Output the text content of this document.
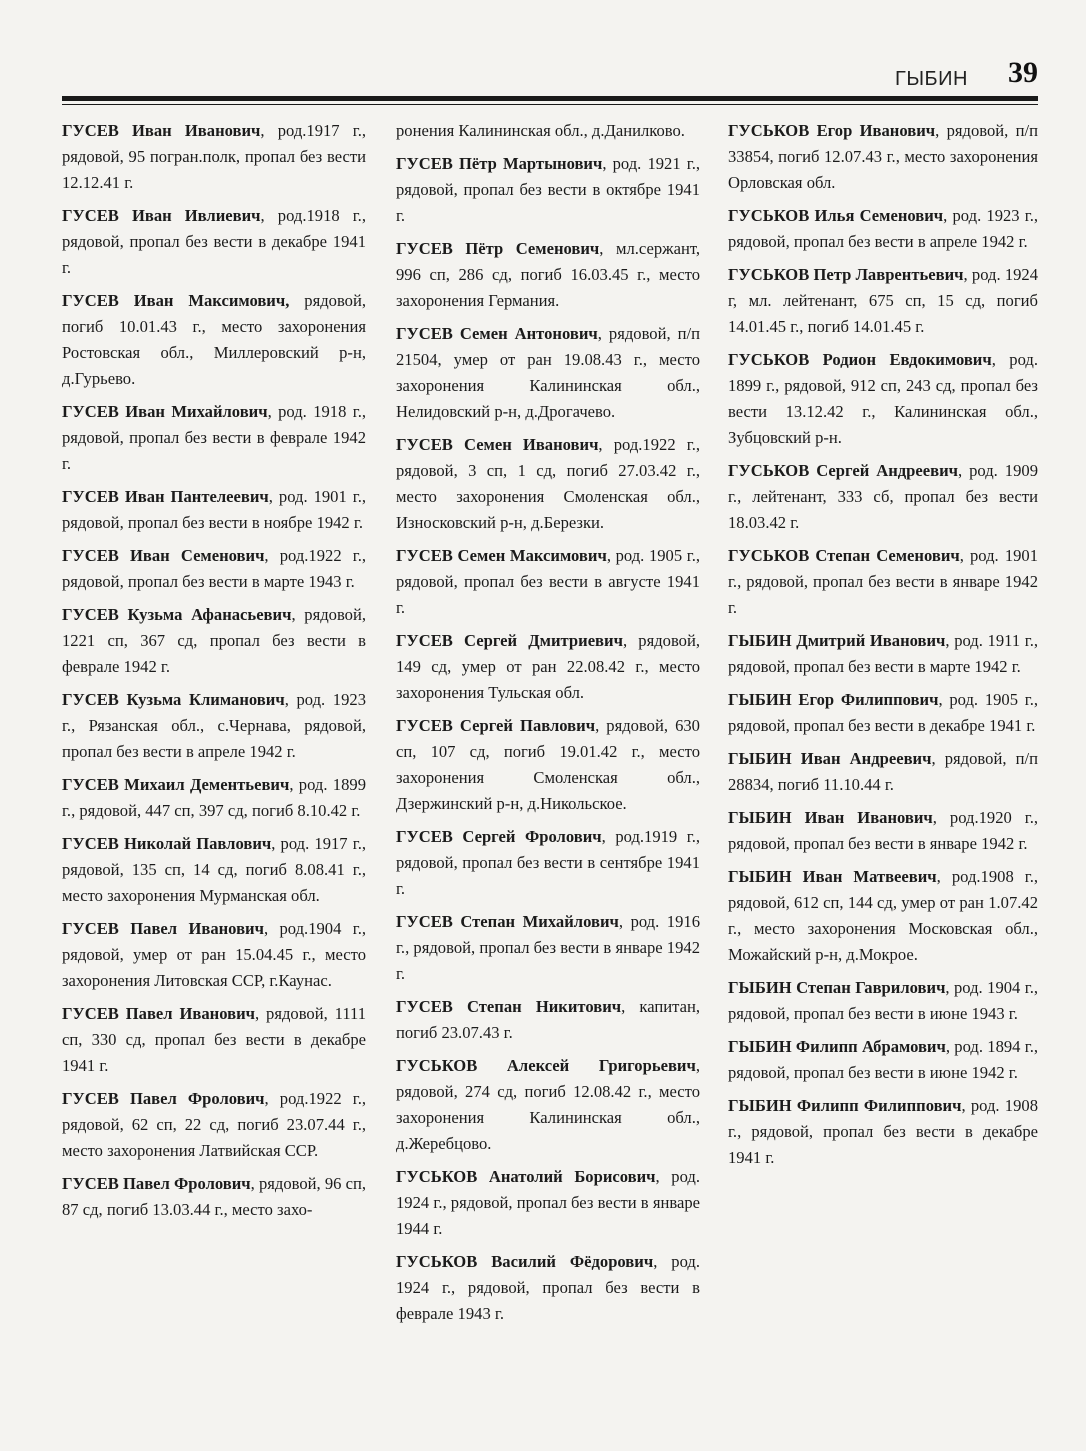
ГЫБИН 39

ГУСЕВ Иван Иванович, род.1917 г., рядовой, 95 погран.полк, пропал без вести 12.12.41 г.

ГУСЕВ Иван Ивлиевич, род.1918 г., рядовой, пропал без вести в декабре 1941 г.

ГУСЕВ Иван Максимович, рядовой, погиб 10.01.43 г., место захоронения Ростовская обл., Миллеровский р-н, д.Гурьево.

ГУСЕВ Иван Михайлович, род. 1918 г., рядовой, пропал без вести в феврале 1942 г.

ГУСЕВ Иван Пантелеевич, род. 1901 г., рядовой, пропал без вести в ноябре 1942 г.

ГУСЕВ Иван Семенович, род.1922 г., рядовой, пропал без вести в марте 1943 г.

ГУСЕВ Кузьма Афанасьевич, рядовой, 1221 сп, 367 сд, пропал без вести в феврале 1942 г.

ГУСЕВ Кузьма Климанович, род. 1923 г., Рязанская обл., с.Чернава, рядовой, пропал без вести в апреле 1942 г.

ГУСЕВ Михаил Дементьевич, род. 1899 г., рядовой, 447 сп, 397 сд, погиб 8.10.42 г.

ГУСЕВ Николай Павлович, род. 1917 г., рядовой, 135 сп, 14 сд, погиб 8.08.41 г., место захоронения Мурманская обл.

ГУСЕВ Павел Иванович, род.1904 г., рядовой, умер от ран 15.04.45 г., место захоронения Литовская ССР, г.Каунас.

ГУСЕВ Павел Иванович, рядовой, 1111 сп, 330 сд, пропал без вести в декабре 1941 г.

ГУСЕВ Павел Фролович, род.1922 г., рядовой, 62 сп, 22 сд, погиб 23.07.44 г., место захоронения Латвийская ССР.

ГУСЕВ Павел Фролович, рядовой, 96 сп, 87 сд, погиб 13.03.44 г., место захо-

ронения Калининская обл., д.Данилково.

ГУСЕВ Пётр Мартынович, род. 1921 г., рядовой, пропал без вести в октябре 1941 г.

ГУСЕВ Пётр Семенович, мл.сержант, 996 сп, 286 сд, погиб 16.03.45 г., место захоронения Германия.

ГУСЕВ Семен Антонович, рядовой, п/п 21504, умер от ран 19.08.43 г., место захоронения Калининская обл., Нелидовский р-н, д.Дрогачево.

ГУСЕВ Семен Иванович, род.1922 г., рядовой, 3 сп, 1 сд, погиб 27.03.42 г., место захоронения Смоленская обл., Износковский р-н, д.Березки.

ГУСЕВ Семен Максимович, род. 1905 г., рядовой, пропал без вести в августе 1941 г.

ГУСЕВ Сергей Дмитриевич, рядовой, 149 сд, умер от ран 22.08.42 г., место захоронения Тульская обл.

ГУСЕВ Сергей Павлович, рядовой, 630 сп, 107 сд, погиб 19.01.42 г., место захоронения Смоленская обл., Дзержинский р-н, д.Никольское.

ГУСЕВ Сергей Фролович, род.1919 г., рядовой, пропал без вести в сентябре 1941 г.

ГУСЕВ Степан Михайлович, род. 1916 г., рядовой, пропал без вести в январе 1942 г.

ГУСЕВ Степан Никитович, капитан, погиб 23.07.43 г.

ГУСЬКОВ Алексей Григорьевич, рядовой, 274 сд, погиб 12.08.42 г., место захоронения Калининская обл., д.Жеребцово.

ГУСЬКОВ Анатолий Борисович, род. 1924 г., рядовой, пропал без вести в январе 1944 г.

ГУСЬКОВ Василий Фёдорович, род. 1924 г., рядовой, пропал без вести в феврале 1943 г.

ГУСЬКОВ Егор Иванович, рядовой, п/п 33854, погиб 12.07.43 г., место захоронения Орловская обл.

ГУСЬКОВ Илья Семенович, род. 1923 г., рядовой, пропал без вести в апреле 1942 г.

ГУСЬКОВ Петр Лаврентьевич, род. 1924 г, мл. лейтенант, 675 сп, 15 сд, погиб 14.01.45 г., погиб 14.01.45 г.

ГУСЬКОВ Родион Евдокимович, род. 1899 г., рядовой, 912 сп, 243 сд, пропал без вести 13.12.42 г., Калининская обл., Зубцовский р-н.

ГУСЬКОВ Сергей Андреевич, род. 1909 г., лейтенант, 333 сб, пропал без вести 18.03.42 г.

ГУСЬКОВ Степан Семенович, род. 1901 г., рядовой, пропал без вести в январе 1942 г.

ГЫБИН Дмитрий Иванович, род. 1911 г., рядовой, пропал без вести в марте 1942 г.

ГЫБИН Егор Филиппович, род. 1905 г., рядовой, пропал без вести в декабре 1941 г.

ГЫБИН Иван Андреевич, рядовой, п/п 28834, погиб 11.10.44 г.

ГЫБИН Иван Иванович, род.1920 г., рядовой, пропал без вести в январе 1942 г.

ГЫБИН Иван Матвеевич, род.1908 г., рядовой, 612 сп, 144 сд, умер от ран 1.07.42 г., место захоронения Московская обл., Можайский р-н, д.Мокрое.

ГЫБИН Степан Гаврилович, род. 1904 г., рядовой, пропал без вести в июне 1943 г.

ГЫБИН Филипп Абрамович, род. 1894 г., рядовой, пропал без вести в июне 1942 г.

ГЫБИН Филипп Филиппович, род. 1908 г., рядовой, пропал без вести в декабре 1941 г.
